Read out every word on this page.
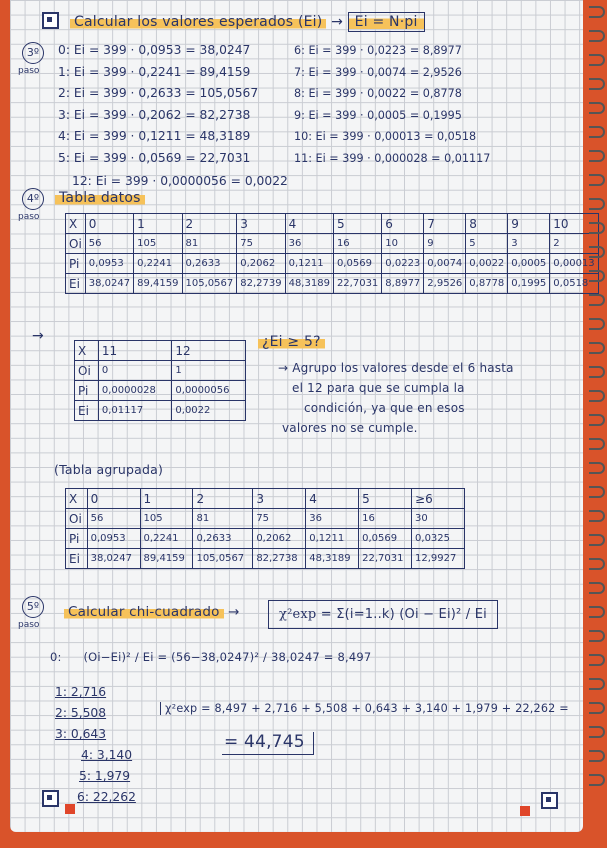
3º
paso
Calcular los valores esperados (Ei) → Ei = N·pi
0: Ei = 399 · 0,0953 = 38,0247
1: Ei = 399 · 0,2241 = 89,4159
2: Ei = 399 · 0,2633 = 105,0567
3: Ei = 399 · 0,2062 = 82,2738
4: Ei = 399 · 0,1211 = 48,3189
5: Ei = 399 · 0,0569 = 22,7031
6: Ei = 399 · 0,0223 = 8,8977
7: Ei = 399 · 0,0074 = 2,9526
8: Ei = 399 · 0,0022 = 0,8778
9: Ei = 399 · 0,0005 = 0,1995
10: Ei = 399 · 0,00013 = 0,0518
11: Ei = 399 · 0,000028 = 0,01117
12: Ei = 399 · 0,0000056 = 0,0022
4º
paso
Tabla datos
X	0	1	2	3	4	5	6	7	8	9	10
Oi	56	105	81	75	36	16	10	9	5	3	2
Pi	0,0953	0,2241	0,2633	0,2062	0,1211	0,0569	0,0223	0,0074	0,0022	0,0005	0,00013
Ei	38,0247	89,4159	105,0567	82,2739	48,3189	22,7031	8,8977	2,9526	0,8778	0,1995	0,0518
→
X	11	12
Oi	0	1
Pi	0,0000028	0,0000056
Ei	0,01117	0,0022
¿Ei ≥ 5?
→ Agrupo los valores desde el 6 hasta
el 12 para que se cumpla la
condición, ya que en esos
valores no se cumple.
(Tabla agrupada)
X	0	1	2	3	4	5	≥6
Oi	56	105	81	75	36	16	30
Pi	0,0953	0,2241	0,2633	0,2062	0,1211	0,0569	0,0325
Ei	38,0247	89,4159	105,0567	82,2738	48,3189	22,7031	12,9927
5º
paso
Calcular chi-cuadrado →	χ²exp = Σ(i=1..k) (Oi − Ei)² / Ei
0: (Oi−Ei)² / Ei = (56−38,0247)² / 38,0247 = 8,497
1: 2,716
2: 5,508
3: 0,643
4: 3,140
5: 1,979
6: 22,262
χ²exp = 8,497 + 2,716 + 5,508 + 0,643 + 3,140 + 1,979 + 22,262 =
= 44,745
